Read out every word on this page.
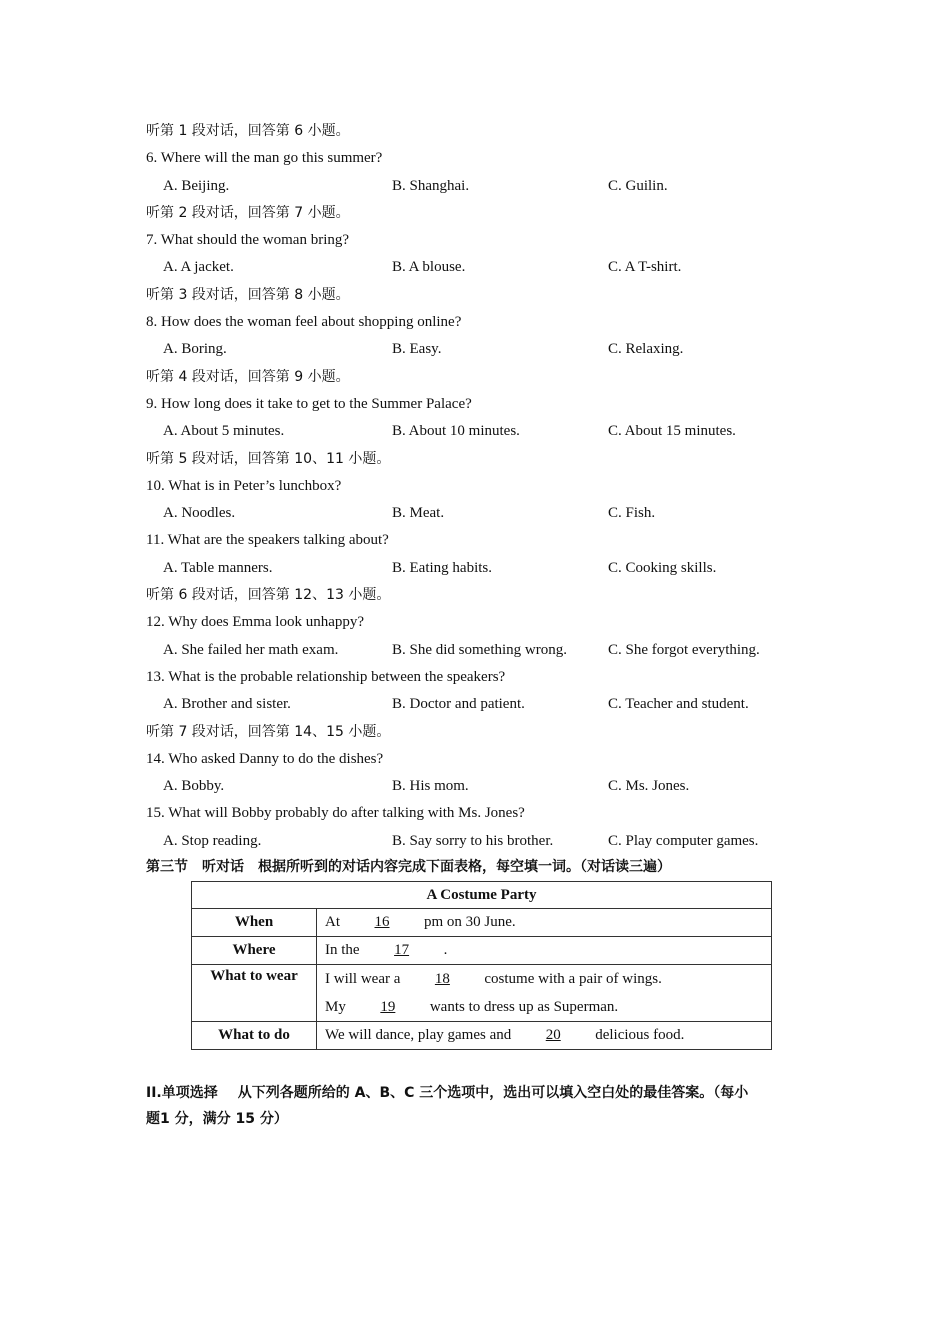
听第 1 段对话，回答第 6 小题。
6. Where will the man go this summer?
A. Beijing.	B. Shanghai.	C. Guilin.
听第 2 段对话，回答第 7 小题。
7. What should the woman bring?
A. A jacket.	B. A blouse.	C. A T-shirt.
听第 3 段对话，回答第 8 小题。
8. How does the woman feel about shopping online?
A. Boring.	B. Easy.	C. Relaxing.
听第 4 段对话，回答第 9 小题。
9. How long does it take to get to the Summer Palace?
A. About 5 minutes.	B. About 10 minutes.	C. About 15 minutes.
听第 5 段对话，回答第 10、11 小题。
10. What is in Peter’s lunchbox?
A. Noodles.	B. Meat.	C. Fish.
11. What are the speakers talking about?
A. Table manners.	B. Eating habits.	C. Cooking skills.
听第 6 段对话，回答第 12、13 小题。
12. Why does Emma look unhappy?
A. She failed her math exam.	B. She did something wrong.	C. She forgot everything.
13. What is the probable relationship between the speakers?
A. Brother and sister.	B. Doctor and patient.	C. Teacher and student.
听第 7 段对话，回答第 14、15 小题。
14. Who asked Danny to do the dishes?
A. Bobby.	B. His mom.	C. Ms. Jones.
15. What will Bobby probably do after talking with Ms. Jones?
A. Stop reading.	B. Say sorry to his brother.	C. Play computer games.
第三节 听对话 根据所听到的对话内容完成下面表格，每空填一词。（对话读三遍）
A Costume Party	
When	At 16 pm on 30 June.
Where	In the 17 .
What to wear	I will wear a 18 costume with a pair of wings.
My 19 wants to dress up as Superman.

What to do	We will dance, play games and 20 delicious food.
II.单项选择 从下列各题所给的 A、B、C 三个选项中，选出可以填入空白处的最佳答案。（每小
题1 分，满分 15 分）
